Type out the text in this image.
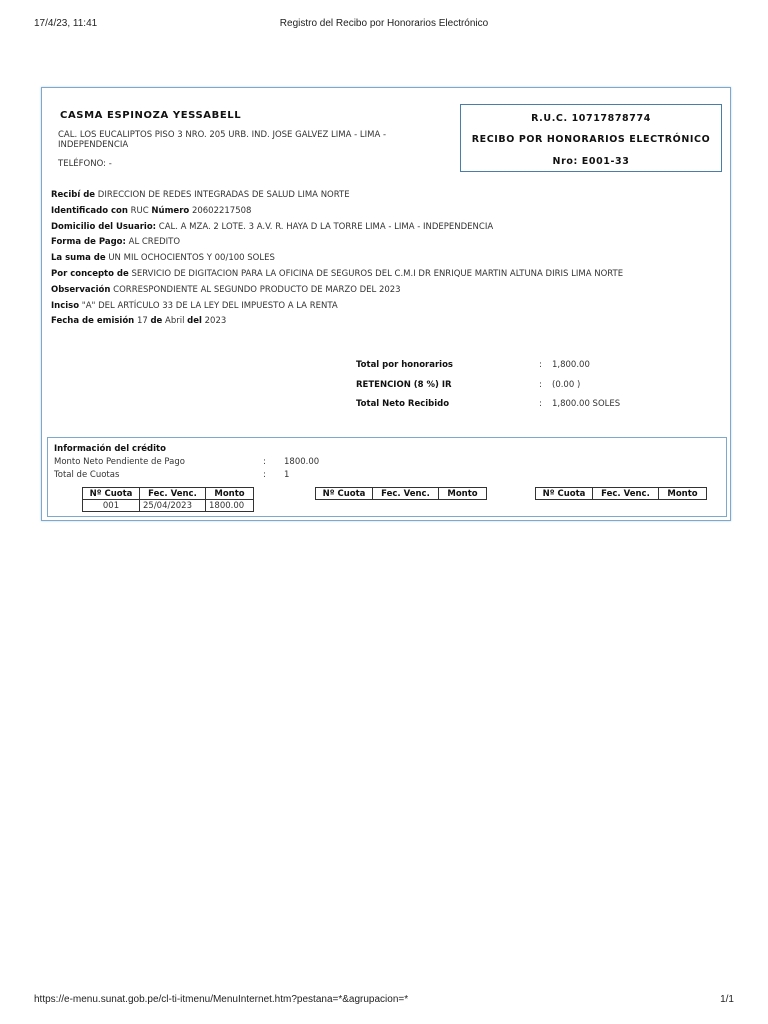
17/4/23, 11:41	Registro del Recibo por Honorarios Electrónico
CASMA ESPINOZA YESSABELL
CAL. LOS EUCALIPTOS PISO 3 NRO. 205 URB. IND. JOSE GALVEZ LIMA - LIMA - INDEPENDENCIA
TELÉFONO: -
R.U.C. 10717878774
RECIBO POR HONORARIOS ELECTRÓNICO
Nro: E001-33
Recibí de DIRECCION DE REDES INTEGRADAS DE SALUD LIMA NORTE
Identificado con RUC Número 20602217508
Domicilio del Usuario: CAL. A MZA. 2 LOTE. 3 A.V. R. HAYA D LA TORRE LIMA - LIMA - INDEPENDENCIA
Forma de Pago: AL CREDITO
La suma de UN MIL OCHOCIENTOS Y 00/100 SOLES
Por concepto de SERVICIO DE DIGITACION PARA LA OFICINA DE SEGUROS DEL C.M.I DR ENRIQUE MARTIN ALTUNA DIRIS LIMA NORTE
Observación CORRESPONDIENTE AL SEGUNDO PRODUCTO DE MARZO DEL 2023
Inciso "A" DEL ARTÍCULO 33 DE LA LEY DEL IMPUESTO A LA RENTA
Fecha de emisión 17 de Abril del 2023
Total por honorarios	: 1,800.00
RETENCION (8 %) IR	: (0.00 )
Total Neto Recibido	: 1,800.00 SOLES
Información del crédito
Monto Neto Pendiente de Pago	: 1800.00
Total de Cuotas	: 1
Nº Cuota	Fec. Venc.	Monto
001	25/04/2023	1800.00
Nº Cuota	Fec. Venc.	Monto	Nº Cuota	Fec. Venc.	Monto
https://e-menu.sunat.gob.pe/cl-ti-itmenu/MenuInternet.htm?pestana=*&agrupacion=*	1/1
